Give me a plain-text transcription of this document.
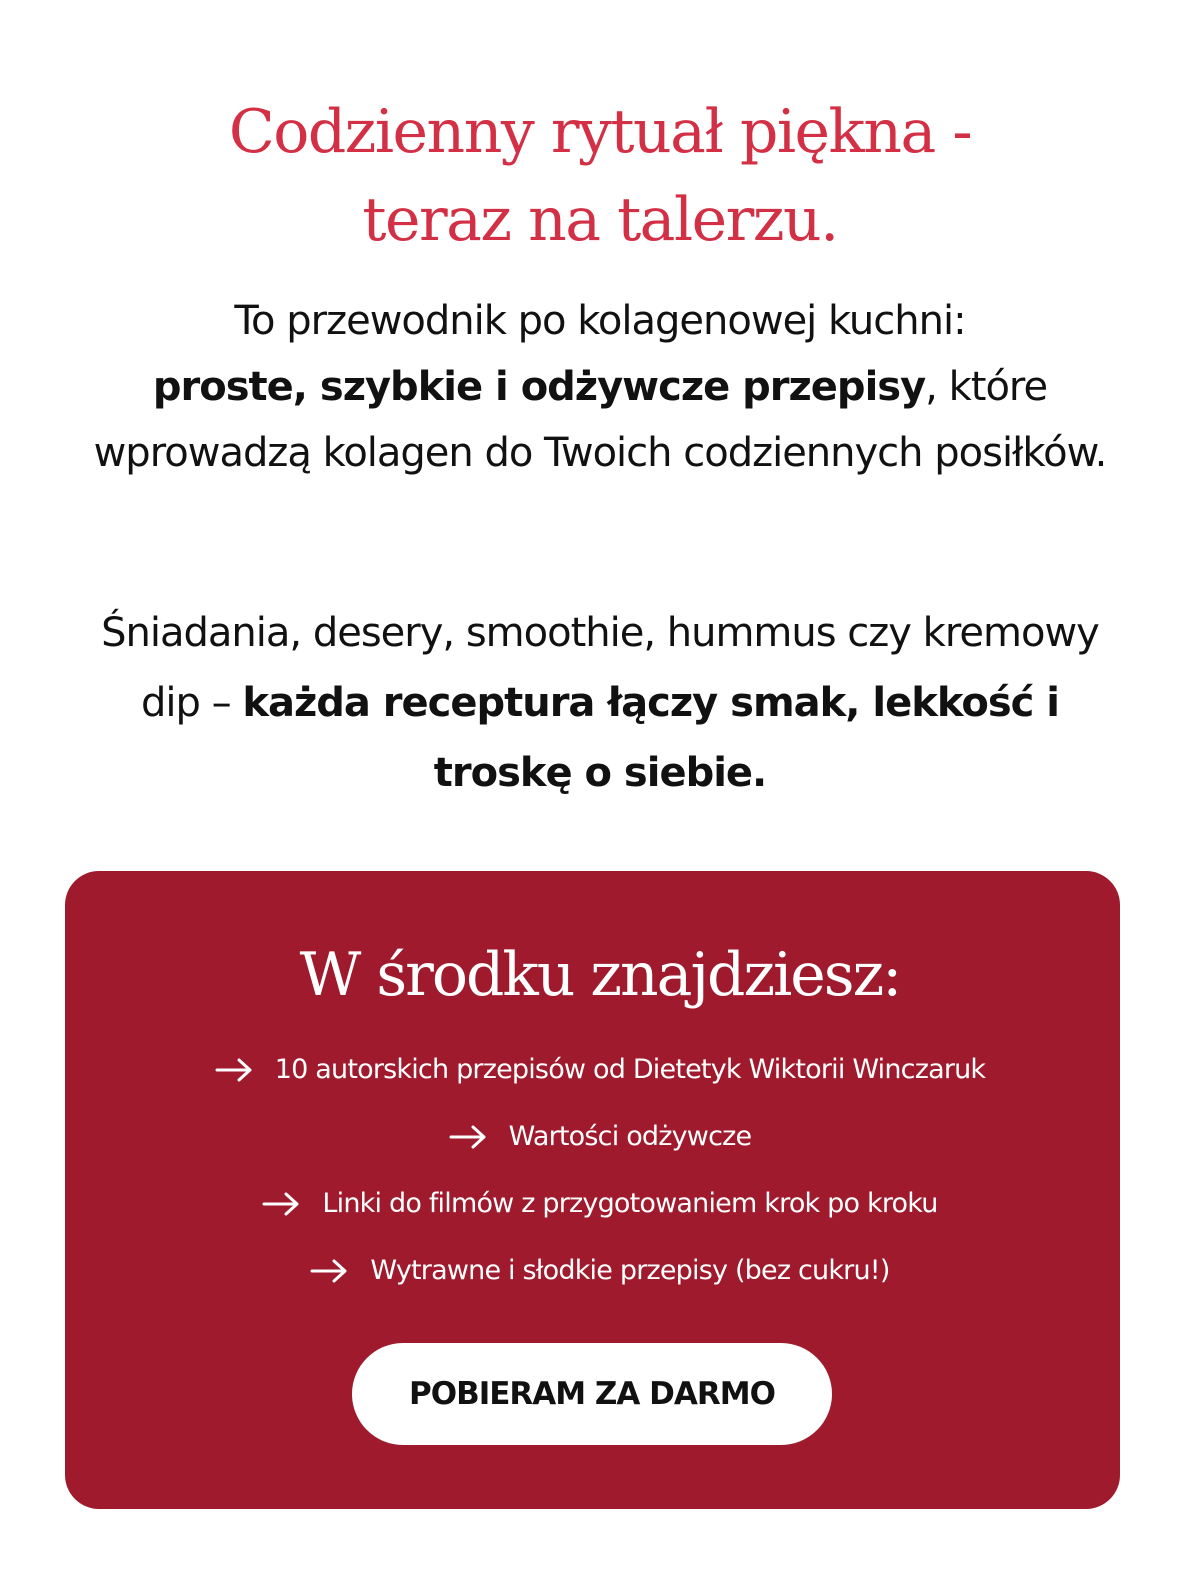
Codzienny rytuał piękna -
teraz na talerzu.

To przewodnik po kolagenowej kuchni:
proste, szybkie i odżywcze przepisy, które wprowadzą kolagen do Twoich codziennych posiłków.

Śniadania, desery, smoothie, hummus czy kremowy dip – każda receptura łączy smak, lekkość i troskę o siebie.

W środku znajdziesz:
10 autorskich przepisów od Dietetyk Wiktorii Winczaruk
Wartości odżywcze
Linki do filmów z przygotowaniem krok po kroku
Wytrawne i słodkie przepisy (bez cukru!)
POBIERAM ZA DARMO
